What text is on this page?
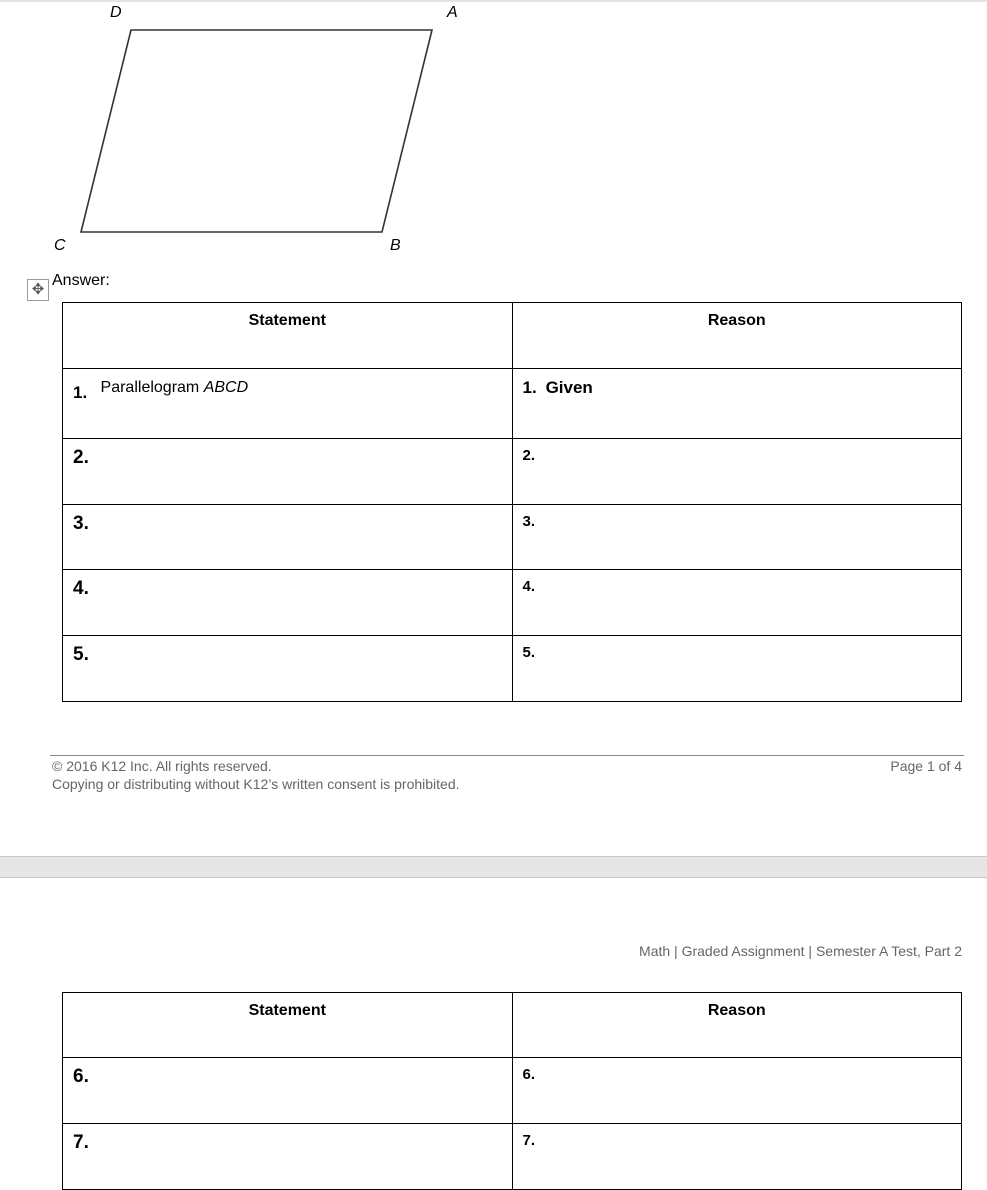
D	A
C	B
Answer:
✥
Statement	Reason
1. Parallelogram ABCD	1. Given
2.	2.
3.	3.
4.	4.
5.	5.
© 2016 K12 Inc. All rights reserved.
Copying or distributing without K12’s written consent is prohibited.
Page 1 of 4
Math | Graded Assignment | Semester A Test, Part 2
Statement	Reason
6.	6.
7.	7.
